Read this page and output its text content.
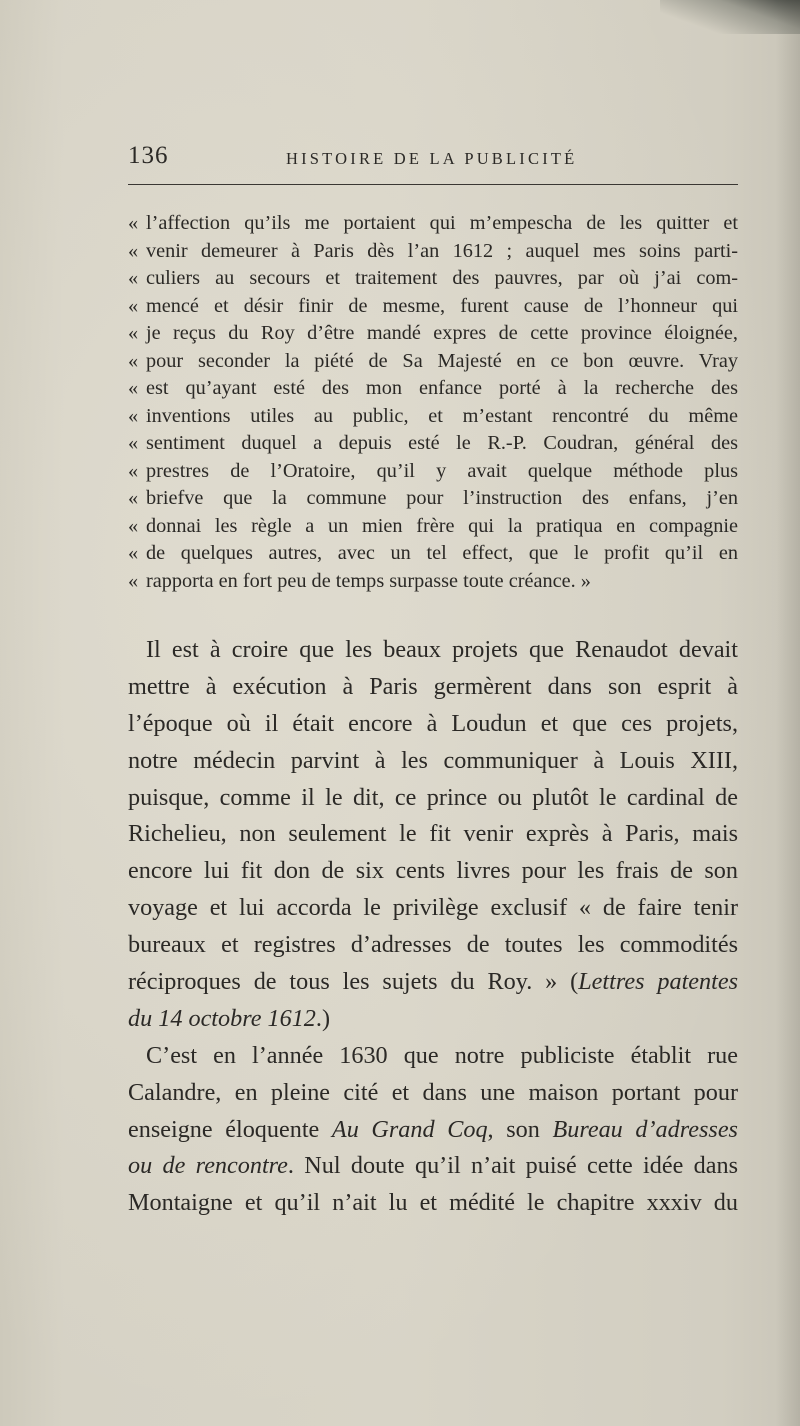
136	HISTOIRE DE LA PUBLICITÉ
« l’affection qu’ils me portaient qui m’empescha de les quitter et
« venir demeurer à Paris dès l’an 1612 ; auquel mes soins parti-
« culiers au secours et traitement des pauvres, par où j’ai com-
« mencé et désir finir de mesme, furent cause de l’honneur qui
« je reçus du Roy d’être mandé expres de cette province éloignée,
« pour seconder la piété de Sa Majesté en ce bon œuvre. Vray
« est qu’ayant esté des mon enfance porté à la recherche des
« inventions utiles au public, et m’estant rencontré du même
« sentiment duquel a depuis esté le R.-P. Coudran, général des
« prestres de l’Oratoire, qu’il y avait quelque méthode plus
« briefve que la commune pour l’instruction des enfans, j’en
« donnai les règle a un mien frère qui la pratiqua en compagnie
« de quelques autres, avec un tel effect, que le profit qu’il en
« rapporta en fort peu de temps surpasse toute créance. »
Il est à croire que les beaux projets que Renaudot devait
mettre à exécution à Paris germèrent dans son esprit à
l’époque où il était encore à Loudun et que ces projets,
notre médecin parvint à les communiquer à Louis XIII,
puisque, comme il le dit, ce prince ou plutôt le cardinal de
Richelieu, non seulement le fit venir exprès à Paris, mais
encore lui fit don de six cents livres pour les frais de son
voyage et lui accorda le privilège exclusif « de faire tenir
bureaux et registres d’adresses de toutes les commodités
réciproques de tous les sujets du Roy. » (Lettres patentes
du 14 octobre 1612.)
C’est en l’année 1630 que notre publiciste établit rue
Calandre, en pleine cité et dans une maison portant pour
enseigne éloquente Au Grand Coq, son Bureau d’adresses
ou de rencontre. Nul doute qu’il n’ait puisé cette idée dans
Montaigne et qu’il n’ait lu et médité le chapitre xxxiv du
